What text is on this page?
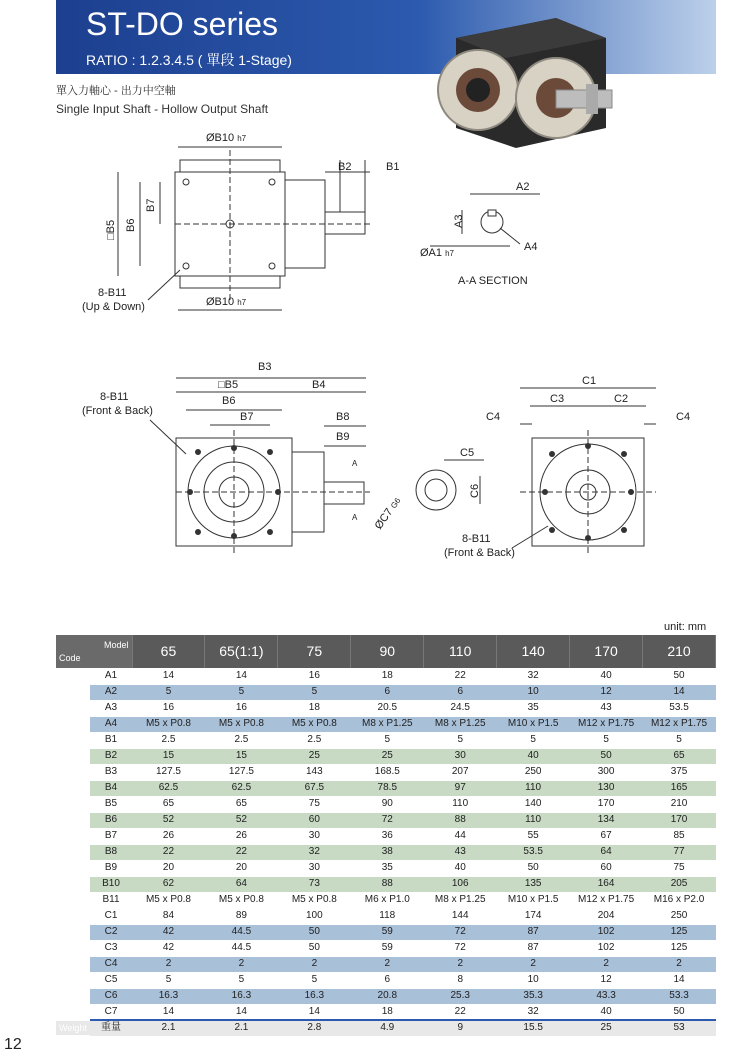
ST-DO series
RATIO : 1.2.3.4.5 ( 單段 1-Stage)
單入力軸心 - 出力中空軸
Single Input Shaft - Hollow Output Shaft
ØB10 h7
ØB10 h7
B2	B1
□B5 B6
B7
8-B11
(Up & Down)
A2
A3
ØA1 h7
A4
A-A SECTION
B3
□B5	B4
B6
B7	B8
B9
8-B11
(Front & Back)
A
A
C5
C6
ØC7 G6
C1
C3	C2
C4	C4
8-B11
(Front & Back)
unit: mm
Model
Code		65	65(1:1)	75	90	110	140	170	210
A	A1	14	14	16	18	22	32	40	50
	A2	5	5	5	6	6	10	12	14
	A3	16	16	18	20.5	24.5	35	43	53.5
	A4	M5 x P0.8	M5 x P0.8	M5 x P0.8	M8 x P1.25	M8 x P1.25	M10 x P1.5	M12 x P1.75	M12 x P1.75
B	B1	2.5	2.5	2.5	5	5	5	5	5
	B2	15	15	25	25	30	40	50	65
	B3	127.5	127.5	143	168.5	207	250	300	375
	B4	62.5	62.5	67.5	78.5	97	110	130	165
	B5	65	65	75	90	110	140	170	210
	B6	52	52	60	72	88	110	134	170
	B7	26	26	30	36	44	55	67	85
	B8	22	22	32	38	43	53.5	64	77
	B9	20	20	30	35	40	50	60	75
	B10	62	64	73	88	106	135	164	205
	B11	M5 x P0.8	M5 x P0.8	M5 x P0.8	M6 x P1.0	M8 x P1.25	M10 x P1.5	M12 x P1.75	M16 x P2.0
C	C1	84	89	100	118	144	174	204	250
	C2	42	44.5	50	59	72	87	102	125
	C3	42	44.5	50	59	72	87	102	125
	C4	2	2	2	2	2	2	2	2
	C5	5	5	5	6	8	10	12	14
	C6	16.3	16.3	16.3	20.8	25.3	35.3	43.3	53.3
	C7	14	14	14	18	22	32	40	50
Weight	重量	2.1	2.1	2.8	4.9	9	15.5	25	53
12
